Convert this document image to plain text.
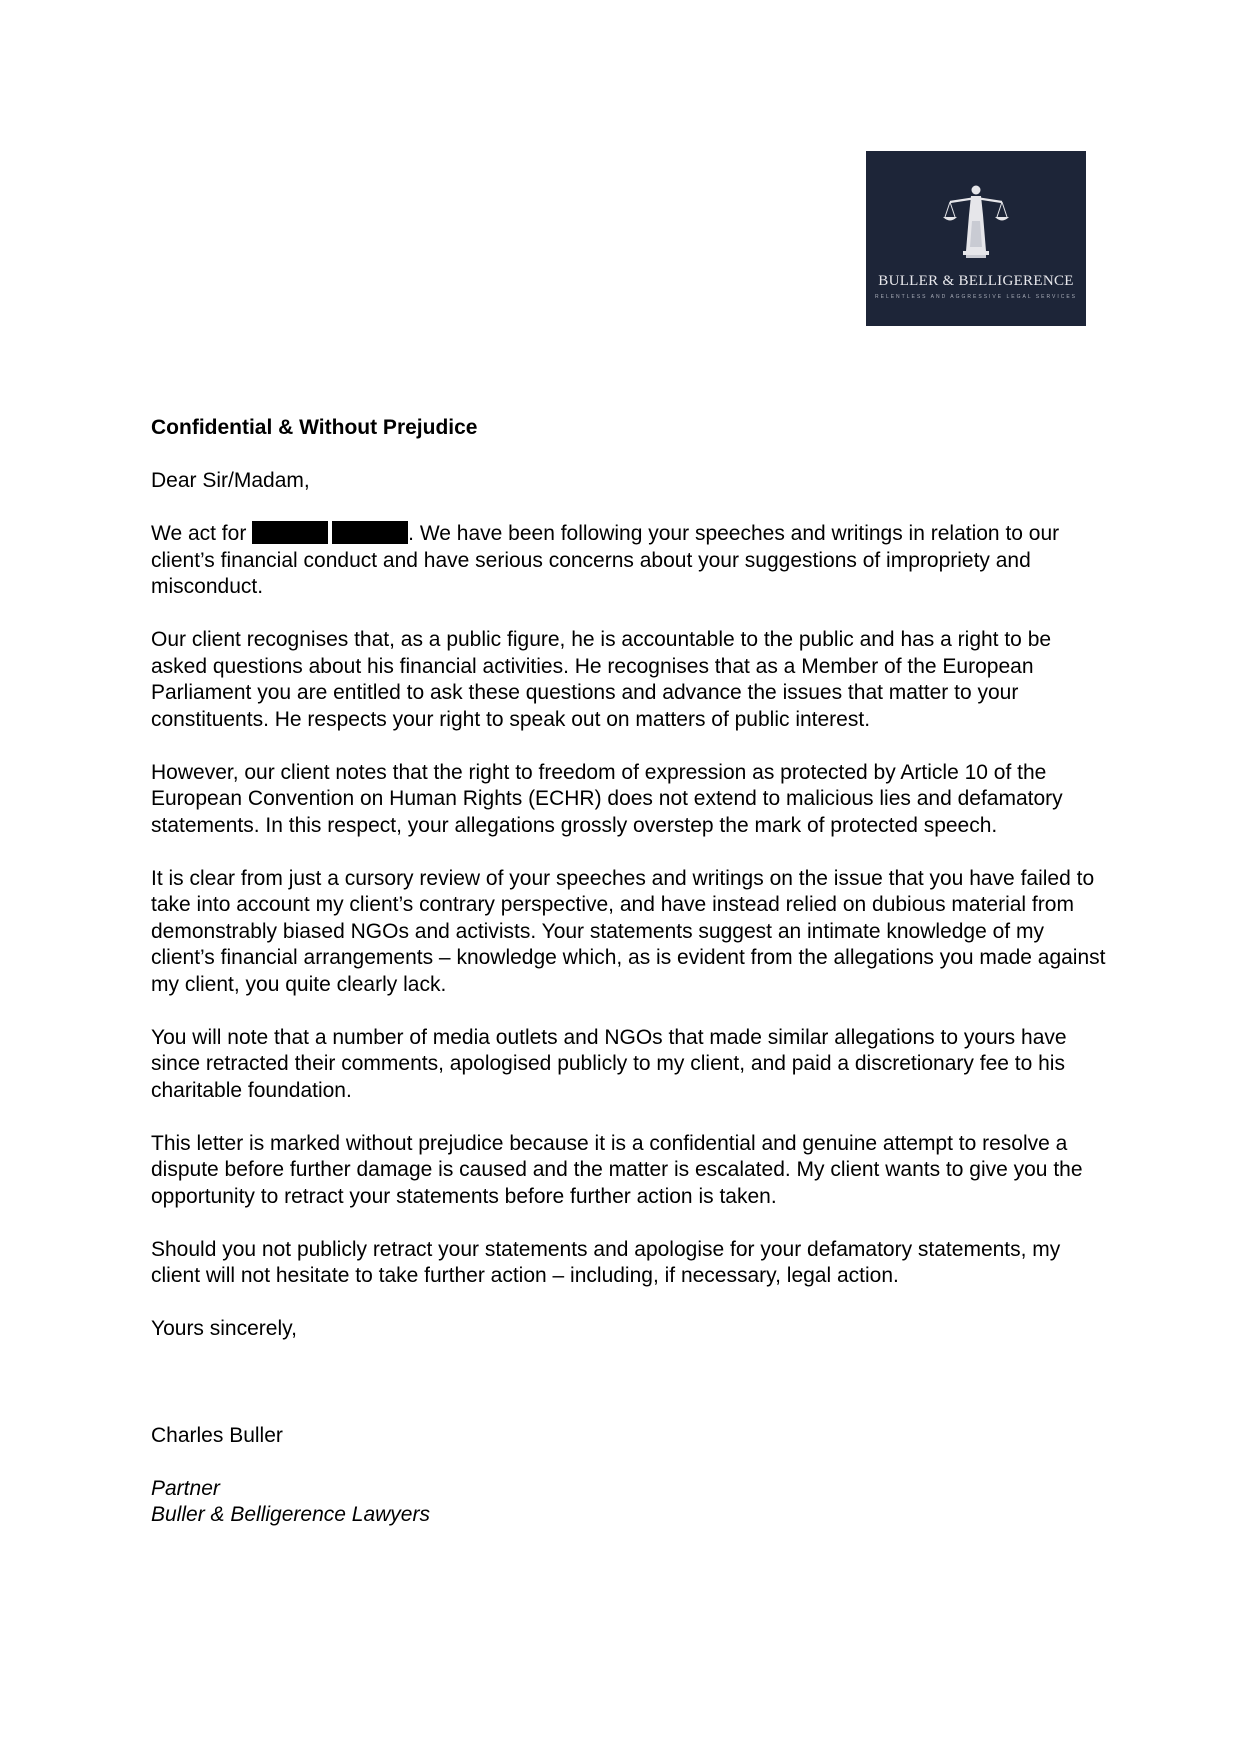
BULLER & BELLIGERENCE
RELENTLESS AND AGGRESSIVE LEGAL SERVICES

Confidential & Without Prejudice

Dear Sir/Madam,

We act for	. We have been following your speeches and writings in relation to our client’s financial conduct and have serious concerns about your suggestions of impropriety and misconduct.

Our client recognises that, as a public figure, he is accountable to the public and has a right to be asked questions about his financial activities. He recognises that as a Member of the European Parliament you are entitled to ask these questions and advance the issues that matter to your constituents. He respects your right to speak out on matters of public interest.

However, our client notes that the right to freedom of expression as protected by Article 10 of the European Convention on Human Rights (ECHR) does not extend to malicious lies and defamatory statements. In this respect, your allegations grossly overstep the mark of protected speech.

It is clear from just a cursory review of your speeches and writings on the issue that you have failed to take into account my client’s contrary perspective, and have instead relied on dubious material from demonstrably biased NGOs and activists. Your statements suggest an intimate knowledge of my client’s financial arrangements – knowledge which, as is evident from the allegations you made against my client, you quite clearly lack.

You will note that a number of media outlets and NGOs that made similar allegations to yours have since retracted their comments, apologised publicly to my client, and paid a discretionary fee to his charitable foundation.

This letter is marked without prejudice because it is a confidential and genuine attempt to resolve a dispute before further damage is caused and the matter is escalated. My client wants to give you the opportunity to retract your statements before further action is taken.

Should you not publicly retract your statements and apologise for your defamatory statements, my client will not hesitate to take further action – including, if necessary, legal action.

Yours sincerely,

Charles Buller

Partner

Buller & Belligerence Lawyers
